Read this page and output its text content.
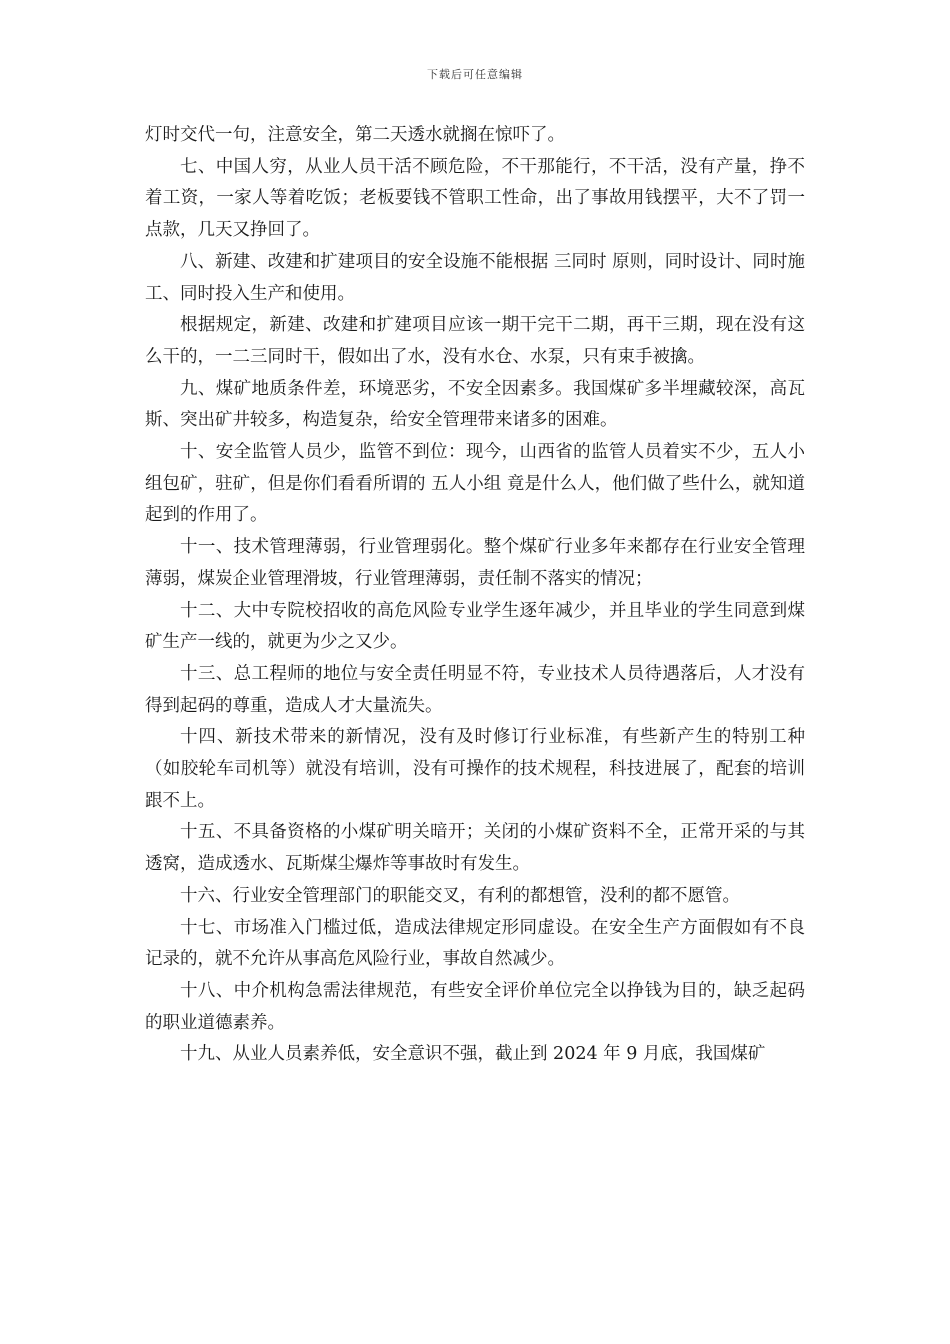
下载后可任意编辑

灯时交代一句，注意安全，第二天透水就搁在惊吓了。

七、中国人穷，从业人员干活不顾危险，不干那能行，不干活，没有产量，挣不着工资，一家人等着吃饭；老板要钱不管职工性命，出了事故用钱摆平，大不了罚一点款，几天又挣回了。

八、新建、改建和扩建项目的安全设施不能根据 三同时 原则，同时设计、同时施工、同时投入生产和使用。

根据规定，新建、改建和扩建项目应该一期干完干二期，再干三期，现在没有这么干的，一二三同时干，假如出了水，没有水仓、水泵，只有束手被擒。

九、煤矿地质条件差，环境恶劣，不安全因素多。我国煤矿多半埋藏较深，高瓦斯、突出矿井较多，构造复杂，给安全管理带来诸多的困难。

十、安全监管人员少，监管不到位：现今，山西省的监管人员着实不少，五人小组包矿，驻矿，但是你们看看所谓的 五人小组 竟是什么人，他们做了些什么，就知道起到的作用了。

十一、技术管理薄弱，行业管理弱化。整个煤矿行业多年来都存在行业安全管理薄弱，煤炭企业管理滑坡，行业管理薄弱，责任制不落实的情况；

十二、大中专院校招收的高危风险专业学生逐年减少，并且毕业的学生同意到煤矿生产一线的，就更为少之又少。

十三、总工程师的地位与安全责任明显不符，专业技术人员待遇落后，人才没有得到起码的尊重，造成人才大量流失。

十四、新技术带来的新情况，没有及时修订行业标准，有些新产生的特别工种（如胶轮车司机等）就没有培训，没有可操作的技术规程，科技进展了，配套的培训跟不上。

十五、不具备资格的小煤矿明关暗开；关闭的小煤矿资料不全，正常开采的与其透窝，造成透水、瓦斯煤尘爆炸等事故时有发生。

十六、行业安全管理部门的职能交叉，有利的都想管，没利的都不愿管。

十七、市场准入门槛过低，造成法律规定形同虚设。在安全生产方面假如有不良记录的，就不允许从事高危风险行业，事故自然减少。

十八、中介机构急需法律规范，有些安全评价单位完全以挣钱为目的，缺乏起码的职业道德素养。

十九、从业人员素养低，安全意识不强，截止到 2024 年 9 月底，我国煤矿
